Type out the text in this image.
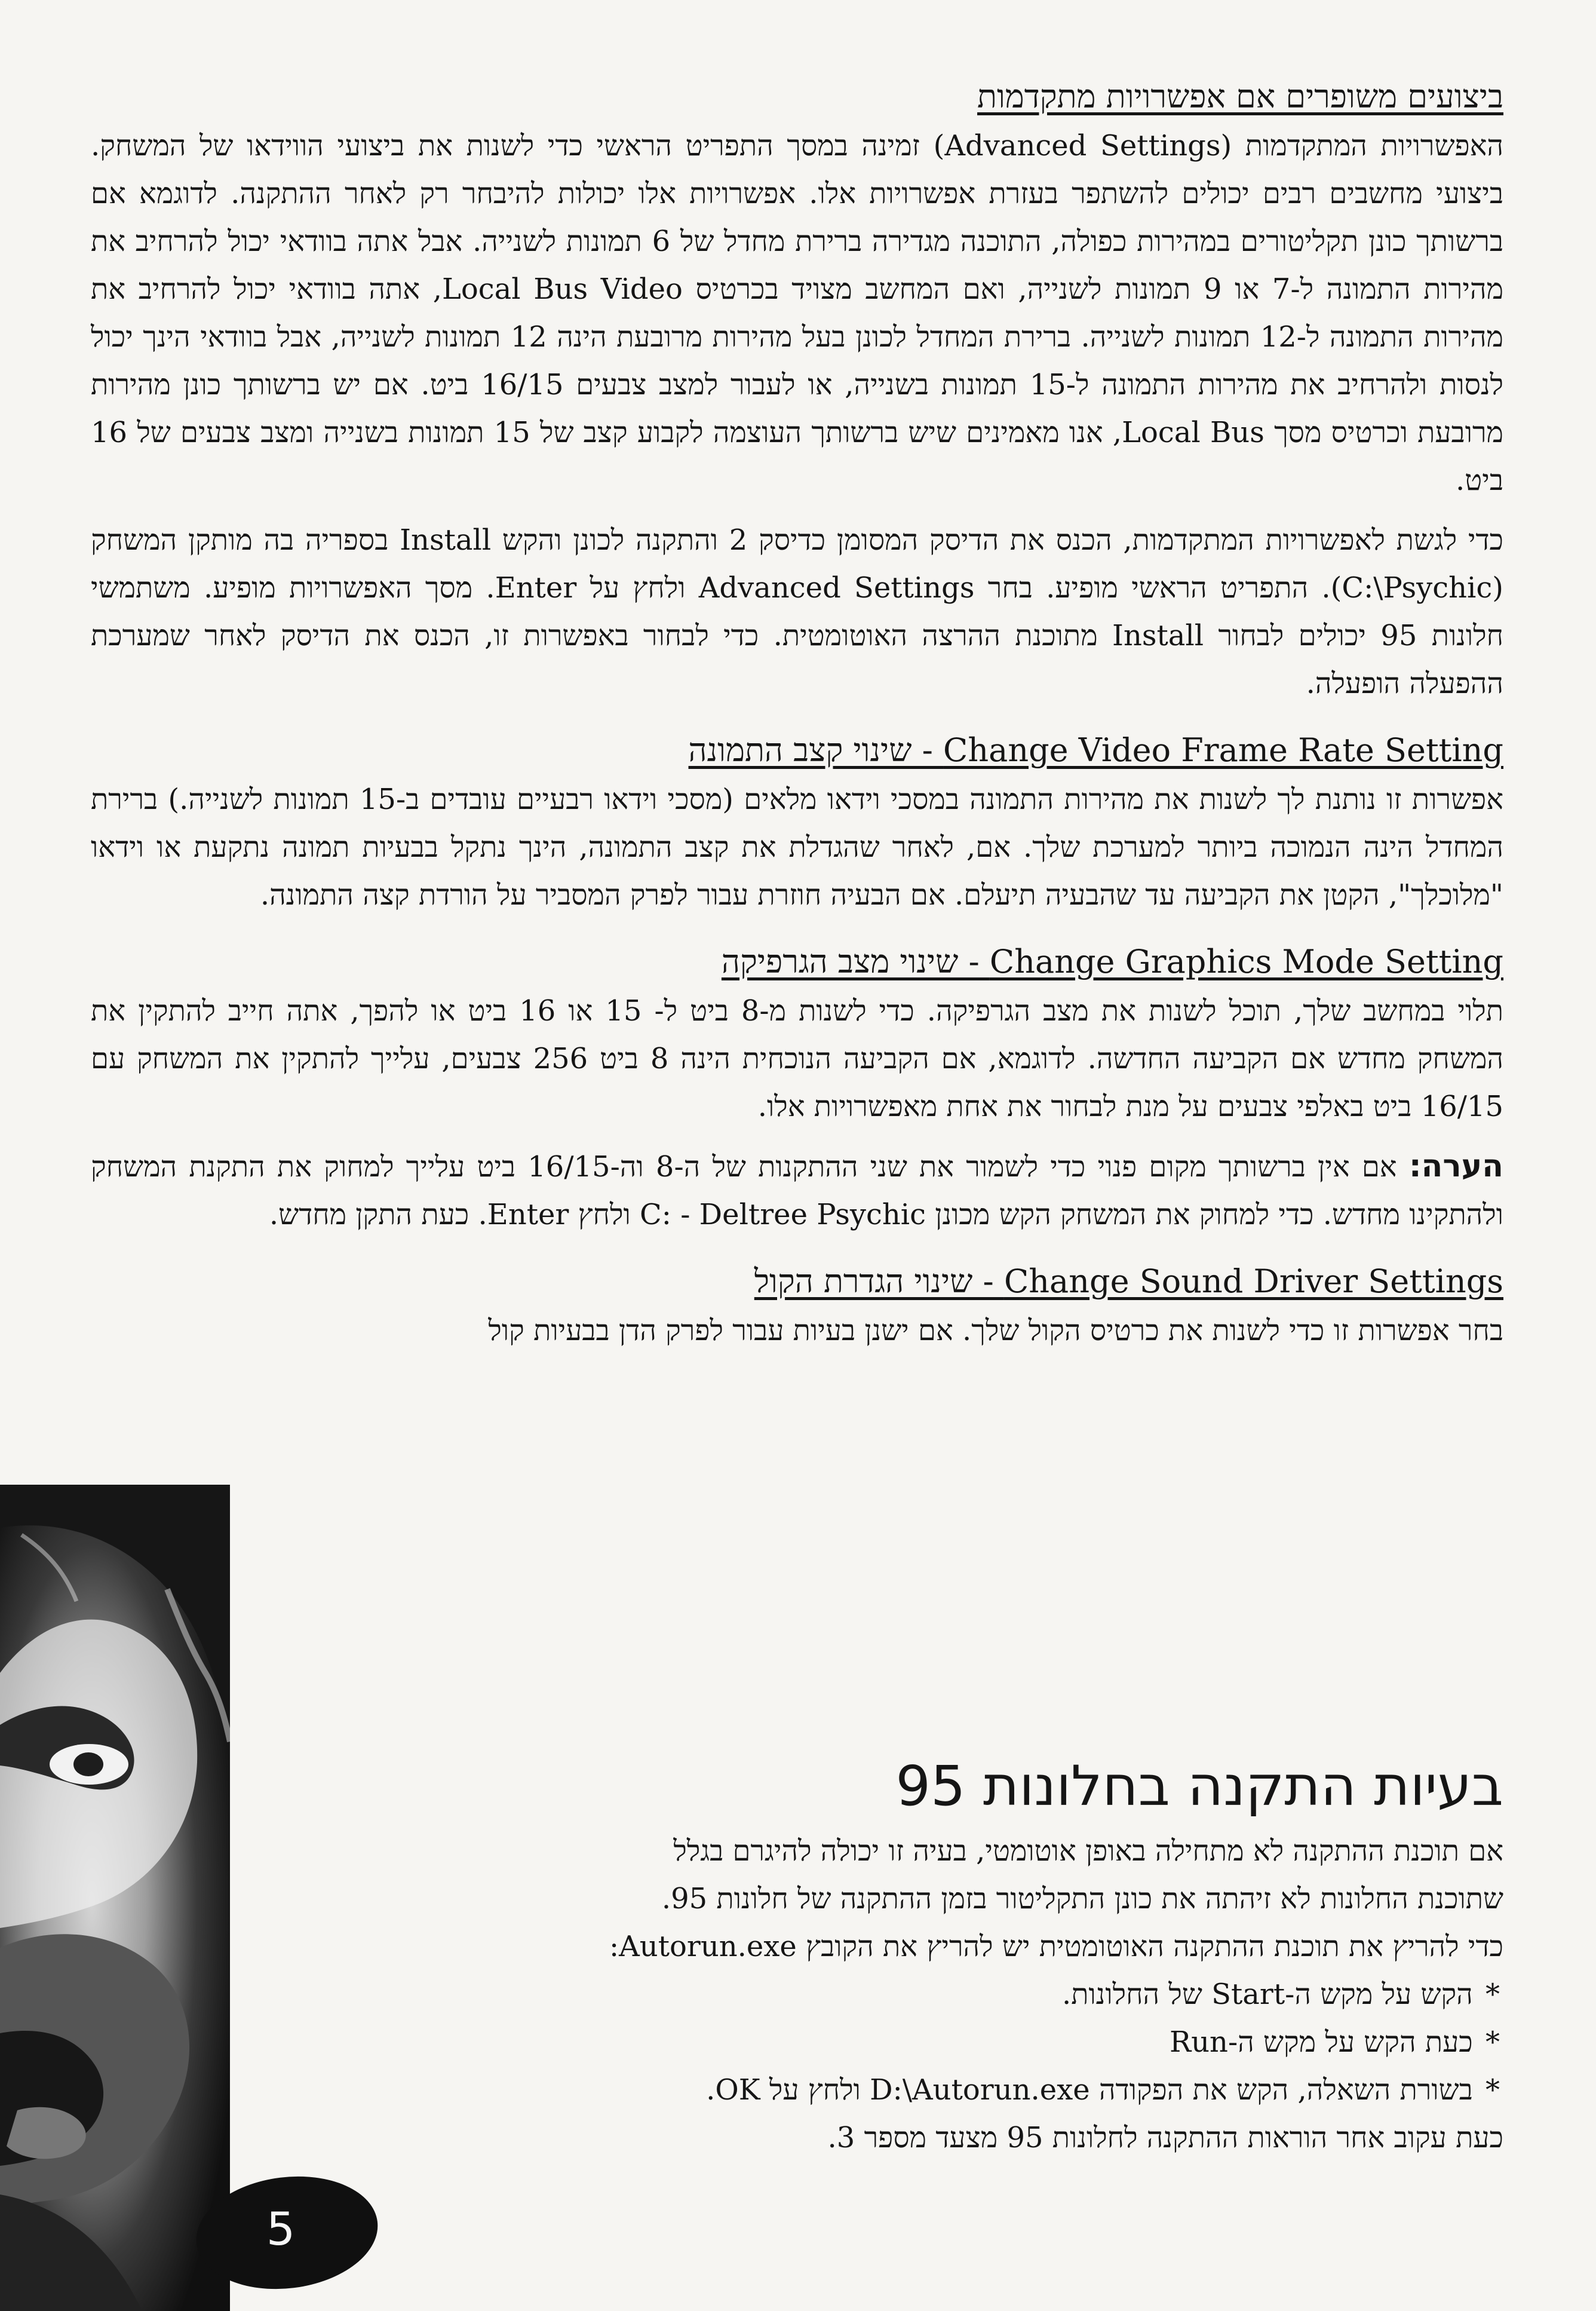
ביצועים משופרים אם אפשרויות מתקדמות

האפשרויות המתקדמות (Advanced Settings) זמינה במסך התפריט הראשי כדי לשנות את ביצועי הווידאו של המשחק. ביצועי מחשבים רבים יכולים להשתפר בעזרת אפשרויות אלו. אפשרויות אלו יכולות להיבחר רק לאחר ההתקנה. לדוגמא אם ברשותך כונן תקליטורים במהירות כפולה, התוכנה מגדירה ברירת מחדל של 6 תמונות לשנייה. אבל אתה בוודאי יכול להרחיב את מהירות התמונה ל-7 או 9 תמונות לשנייה, ואם המחשב מצויד בכרטיס Local Bus Video, אתה בוודאי יכול להרחיב את מהירות התמונה ל-12 תמונות לשנייה. ברירת המחדל לכונן בעל מהירות מרובעת הינה 12 תמונות לשנייה, אבל בוודאי הינך יכול לנסות ולהרחיב את מהירות התמונה ל-15 תמונות בשנייה, או לעבור למצב צבעים 16/15 ביט. אם יש ברשותך כונן מהירות מרובעת וכרטיס מסך Local Bus, אנו מאמינים שיש ברשותך העוצמה לקבוע קצב של 15 תמונות בשנייה ומצב צבעים של 16 ביט.

כדי לגשת לאפשרויות המתקדמות, הכנס את הדיסק המסומן כדיסק 2 והתקנה לכונן והקש Install בספריה בה מותקן המשחק (C:\Psychic). התפריט הראשי מופיע. בחר Advanced Settings ולחץ על Enter. מסך האפשרויות מופיע. משתמשי חלונות 95 יכולים לבחור Install מתוכנת ההרצה האוטומטית. כדי לבחור באפשרות זו, הכנס את הדיסק לאחר שמערכת ההפעלה הופעלה.

Change Video Frame Rate Setting - שינוי קצב התמונה

אפשרות זו נותנת לך לשנות את מהירות התמונה במסכי וידאו מלאים (מסכי וידאו רבעיים עובדים ב-15 תמונות לשנייה.) ברירת המחדל הינה הנמוכה ביותר למערכת שלך. אם, לאחר שהגדלת את קצב התמונה, הינך נתקל בבעיות תמונה נתקעת או וידאו "מלוכלך", הקטן את הקביעה עד שהבעיה תיעלם. אם הבעיה חוזרת עבור לפרק המסביר על הורדת קצה התמונה.

Change Graphics Mode Setting - שינוי מצב הגרפיקה

תלוי במחשב שלך, תוכל לשנות את מצב הגרפיקה. כדי לשנות מ-8 ביט ל- 15 או 16 ביט או להפך, אתה חייב להתקין את המשחק מחדש אם הקביעה החדשה. לדוגמא, אם הקביעה הנוכחית הינה 8 ביט 256 צבעים, עלייך להתקין את המשחק עם 16/15 ביט באלפי צבעים על מנת לבחור את אחת מאפשרויות אלו.

הערה: אם אין ברשותך מקום פנוי כדי לשמור את שני ההתקנות של ה-8 וה-16/15 ביט עלייך למחוק את התקנת המשחק ולהתקינו מחדש. כדי למחוק את המשחק הקש מכונן C: - Deltree Psychic ולחץ Enter. כעת התקן מחדש.

Change Sound Driver Settings - שינוי הגדרת הקול

בחר אפשרות זו כדי לשנות את כרטיס הקול שלך. אם ישנן בעיות עבור לפרק הדן בבעיות קול

בעיות התקנה בחלונות 95

אם תוכנת ההתקנה לא מתחילה באופן אוטומטי, בעיה זו יכולה להיגרם בגלל

שתוכנת החלונות לא זיהתה את כונן התקליטור בזמן ההתקנה של חלונות 95.

כדי להריץ את תוכנת ההתקנה האוטומטית יש להריץ את הקובץ Autorun.exe:

* הקש על מקש ה-Start של החלונות.
* כעת הקש על מקש ה-Run
* בשורת השאלה, הקש את הפקודה D:\Autorun.exe ולחץ על OK.

כעת עקוב אחר הוראות ההתקנה לחלונות 95 מצעד מספר 3.

5
